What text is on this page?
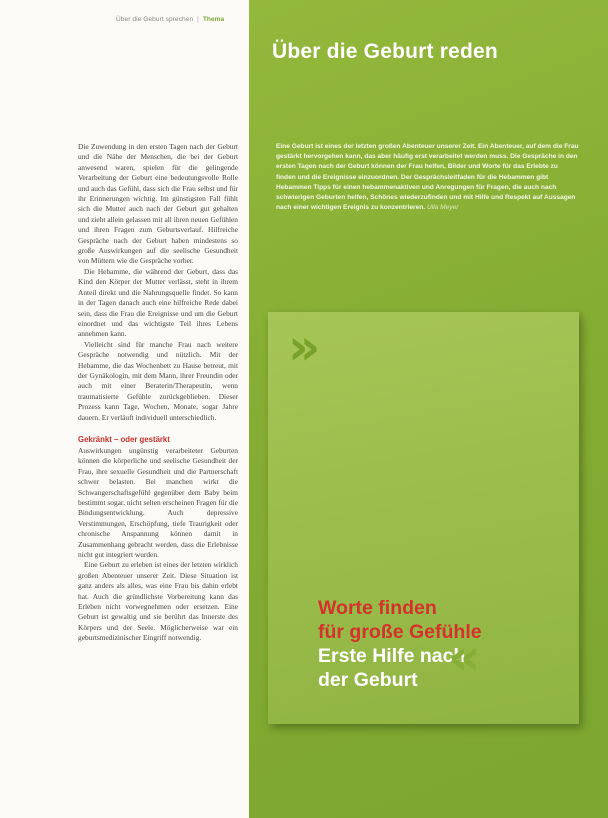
Über die Geburt sprechen | Thema

Die Zuwendung in den ersten Tagen nach der Geburt und die Nähe der Menschen, die bei der Geburt anwesend waren, spielen für die gelingende Verarbeitung der Geburt eine bedeutungsvolle Rolle und auch das Gefühl, dass sich die Frau selbst und für ihr Erinnerungen wichtig. Im günstigsten Fall fühlt sich die Mutter auch nach der Geburt gut gehalten und zieht allein gelassen mit all ihren neuen Gefühlen und ihren Fragen zum Geburtsverlauf. Hilfreiche Gespräche nach der Geburt haben mindestens so große Auswirkungen auf die seelische Gesundheit von Müttern wie die Gespräche vorher.

Die Hebamme, die während der Geburt, dass das Kind den Körper der Mutter verlässt, steht in ihrem Anteil direkt und die Nahrungsquelle findet. So kann in der Tagen danach auch eine hilfreiche Rede dabei sein, dass die Frau die Ereignisse und um die Geburt einordnet und das wichtigste Teil ihres Lebens annehmen kann.

Vielleicht sind für manche Frau nach weitere Gespräche notwendig und nützlich. Mit der Hebamme, die das Wochenbett zu Hause betreut, mit der Gynäkologin, mit dem Mann, ihrer Freundin oder auch mit einer Beraterin/Therapeutin, wenn traumatisierte Gefühle zurückgeblieben. Dieser Prozess kann Tage, Wochen, Monate, sogar Jahre dauern. Er verläuft individuell unterschiedlich.

Gekränkt – oder gestärkt

Auswirkungen ungünstig verarbeiteter Geburten können die körperliche und seelische Gesundheit der Frau, ihre sexuelle Gesundheit und die Partnerschaft schwer belasten. Bei manchen wirkt die Schwangerschaftsgefühl gegenüber dem Baby beim bestimmt sogar, nicht selten erscheinen Fragen für die Bindungsentwicklung. Auch depressive Verstimmungen, Erschöpfung, tiefe Traurigkeit oder chronische Anspannung können damit in Zusammenhang gebracht werden, dass die Erlebnisse nicht gut integriert wurden.

Eine Geburt zu erleben ist eines der letzten wirklich großen Abenteuer unserer Zeit. Diese Situation ist ganz anders als alles, was eine Frau bis dahin erlebt hat. Auch die gründlichste Vorbereitung kann das Erleben nicht vorwegnehmen oder ersetzen. Eine Geburt ist gewaltig und sie berührt das Innerste des Körpers und der Seele. Möglicherweise war ein geburtsmedizinischer Eingriff notwendig.

Über die Geburt reden

Eine Geburt ist eines der letzten großen Abenteuer unserer Zeit. Ein Abenteuer, auf dem die Frau gestärkt hervorgehen kann, das aber häufig erst verarbeitet werden muss. Die Gespräche in den ersten Tagen nach der Geburt können der Frau helfen, Bilder und Worte für das Erlebte zu finden und die Ereignisse einzuordnen. Der Gesprächsleitfaden für die Hebammen gibt Hebammen Tipps für einen hebammenaktiven und Anregungen für Fragen, die auch nach schwierigen Geburten helfen, Schönes wiederzufinden und mit Hilfe und Respekt auf Aussagen nach einer wichtigen Ereignis zu konzentrieren. Ulla Meyer

»
Worte finden
für große Gefühle
Erste Hilfe nach
der Geburt «
